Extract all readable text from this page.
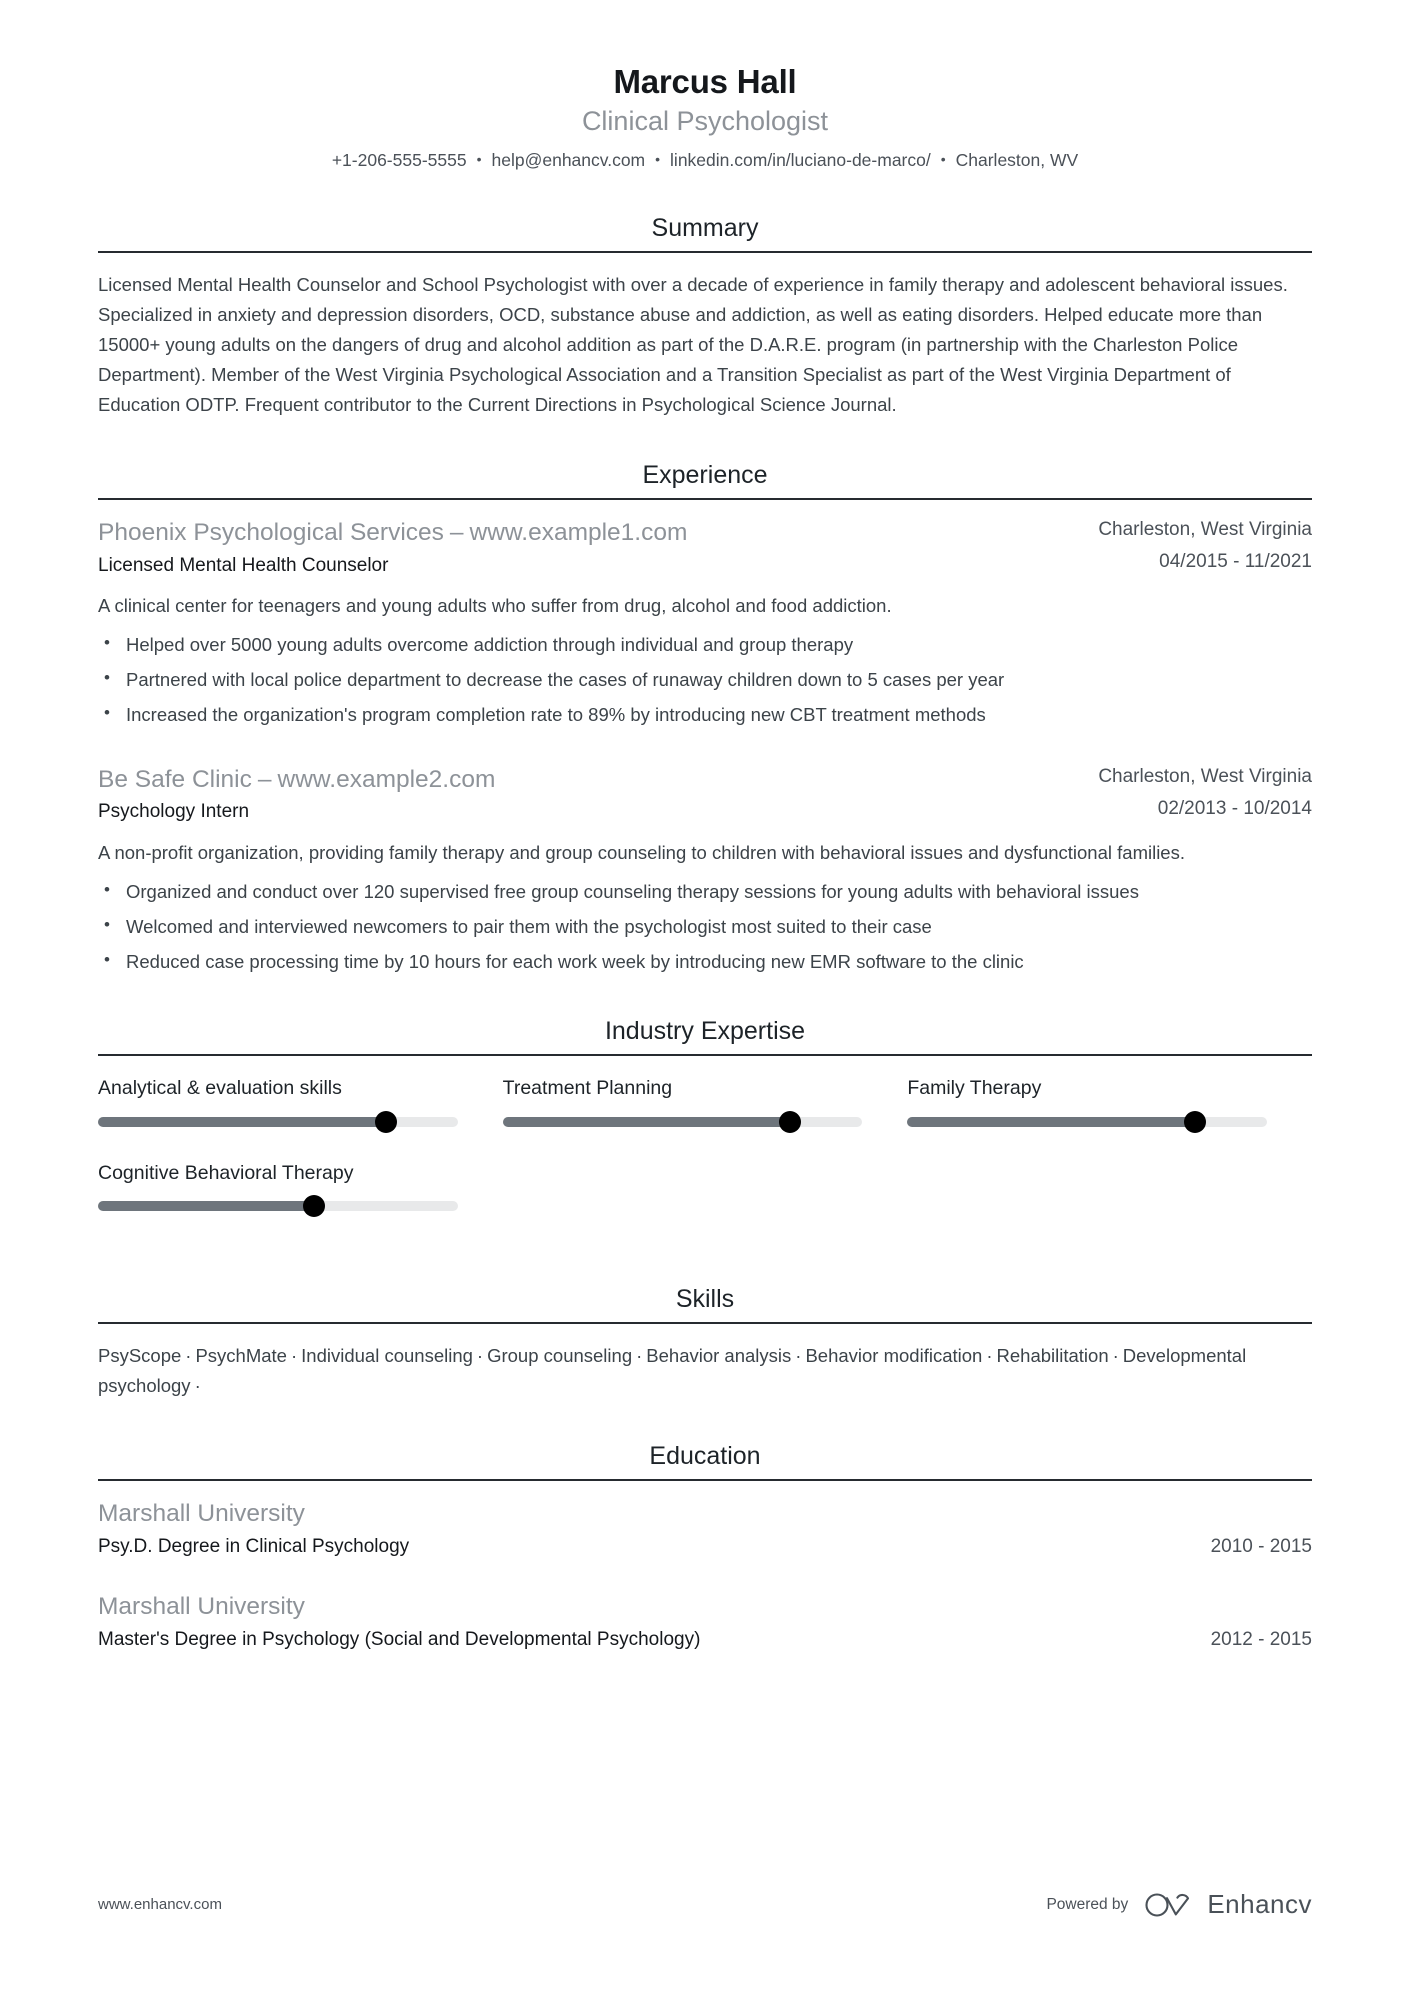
Marcus Hall
Clinical Psychologist
+1-206-555-5555 • help@enhancv.com • linkedin.com/in/luciano-de-marco/ • Charleston, WV
Summary

Licensed Mental Health Counselor and School Psychologist with over a decade of experience in family therapy and adolescent behavioral issues. Specialized in anxiety and depression disorders, OCD, substance abuse and addiction, as well as eating disorders. Helped educate more than 15000+ young adults on the dangers of drug and alcohol addition as part of the D.A.R.E. program (in partnership with the Charleston Police Department). Member of the West Virginia Psychological Association and a Transition Specialist as part of the West Virginia Department of Education ODTP. Frequent contributor to the Current Directions in Psychological Science Journal.

Experience
Phoenix Psychological Services – www.example1.com
Licensed Mental Health Counselor
Charleston, West Virginia
04/2015 - 11/2021
A clinical center for teenagers and young adults who suffer from drug, alcohol and food addiction.
• Helped over 5000 young adults overcome addiction through individual and group therapy
• Partnered with local police department to decrease the cases of runaway children down to 5 cases per year
• Increased the organization's program completion rate to 89% by introducing new CBT treatment methods
Be Safe Clinic – www.example2.com
Psychology Intern
Charleston, West Virginia
02/2013 - 10/2014
A non-profit organization, providing family therapy and group counseling to children with behavioral issues and dysfunctional families.
• Organized and conduct over 120 supervised free group counseling therapy sessions for young adults with behavioral issues
• Welcomed and interviewed newcomers to pair them with the psychologist most suited to their case
• Reduced case processing time by 10 hours for each work week by introducing new EMR software to the clinic
Industry Expertise
Analytical & evaluation skills	Treatment Planning	Family Therapy
Cognitive Behavioral Therapy
Skills
PsyScope · PsychMate · Individual counseling · Group counseling · Behavior analysis · Behavior modification · Rehabilitation · Developmental psychology ·
Education
Marshall University
Psy.D. Degree in Clinical Psychology	2010 - 2015
Marshall University
Master's Degree in Psychology (Social and Developmental Psychology)	2012 - 2015
www.enhancv.com	Powered by	Enhancv
